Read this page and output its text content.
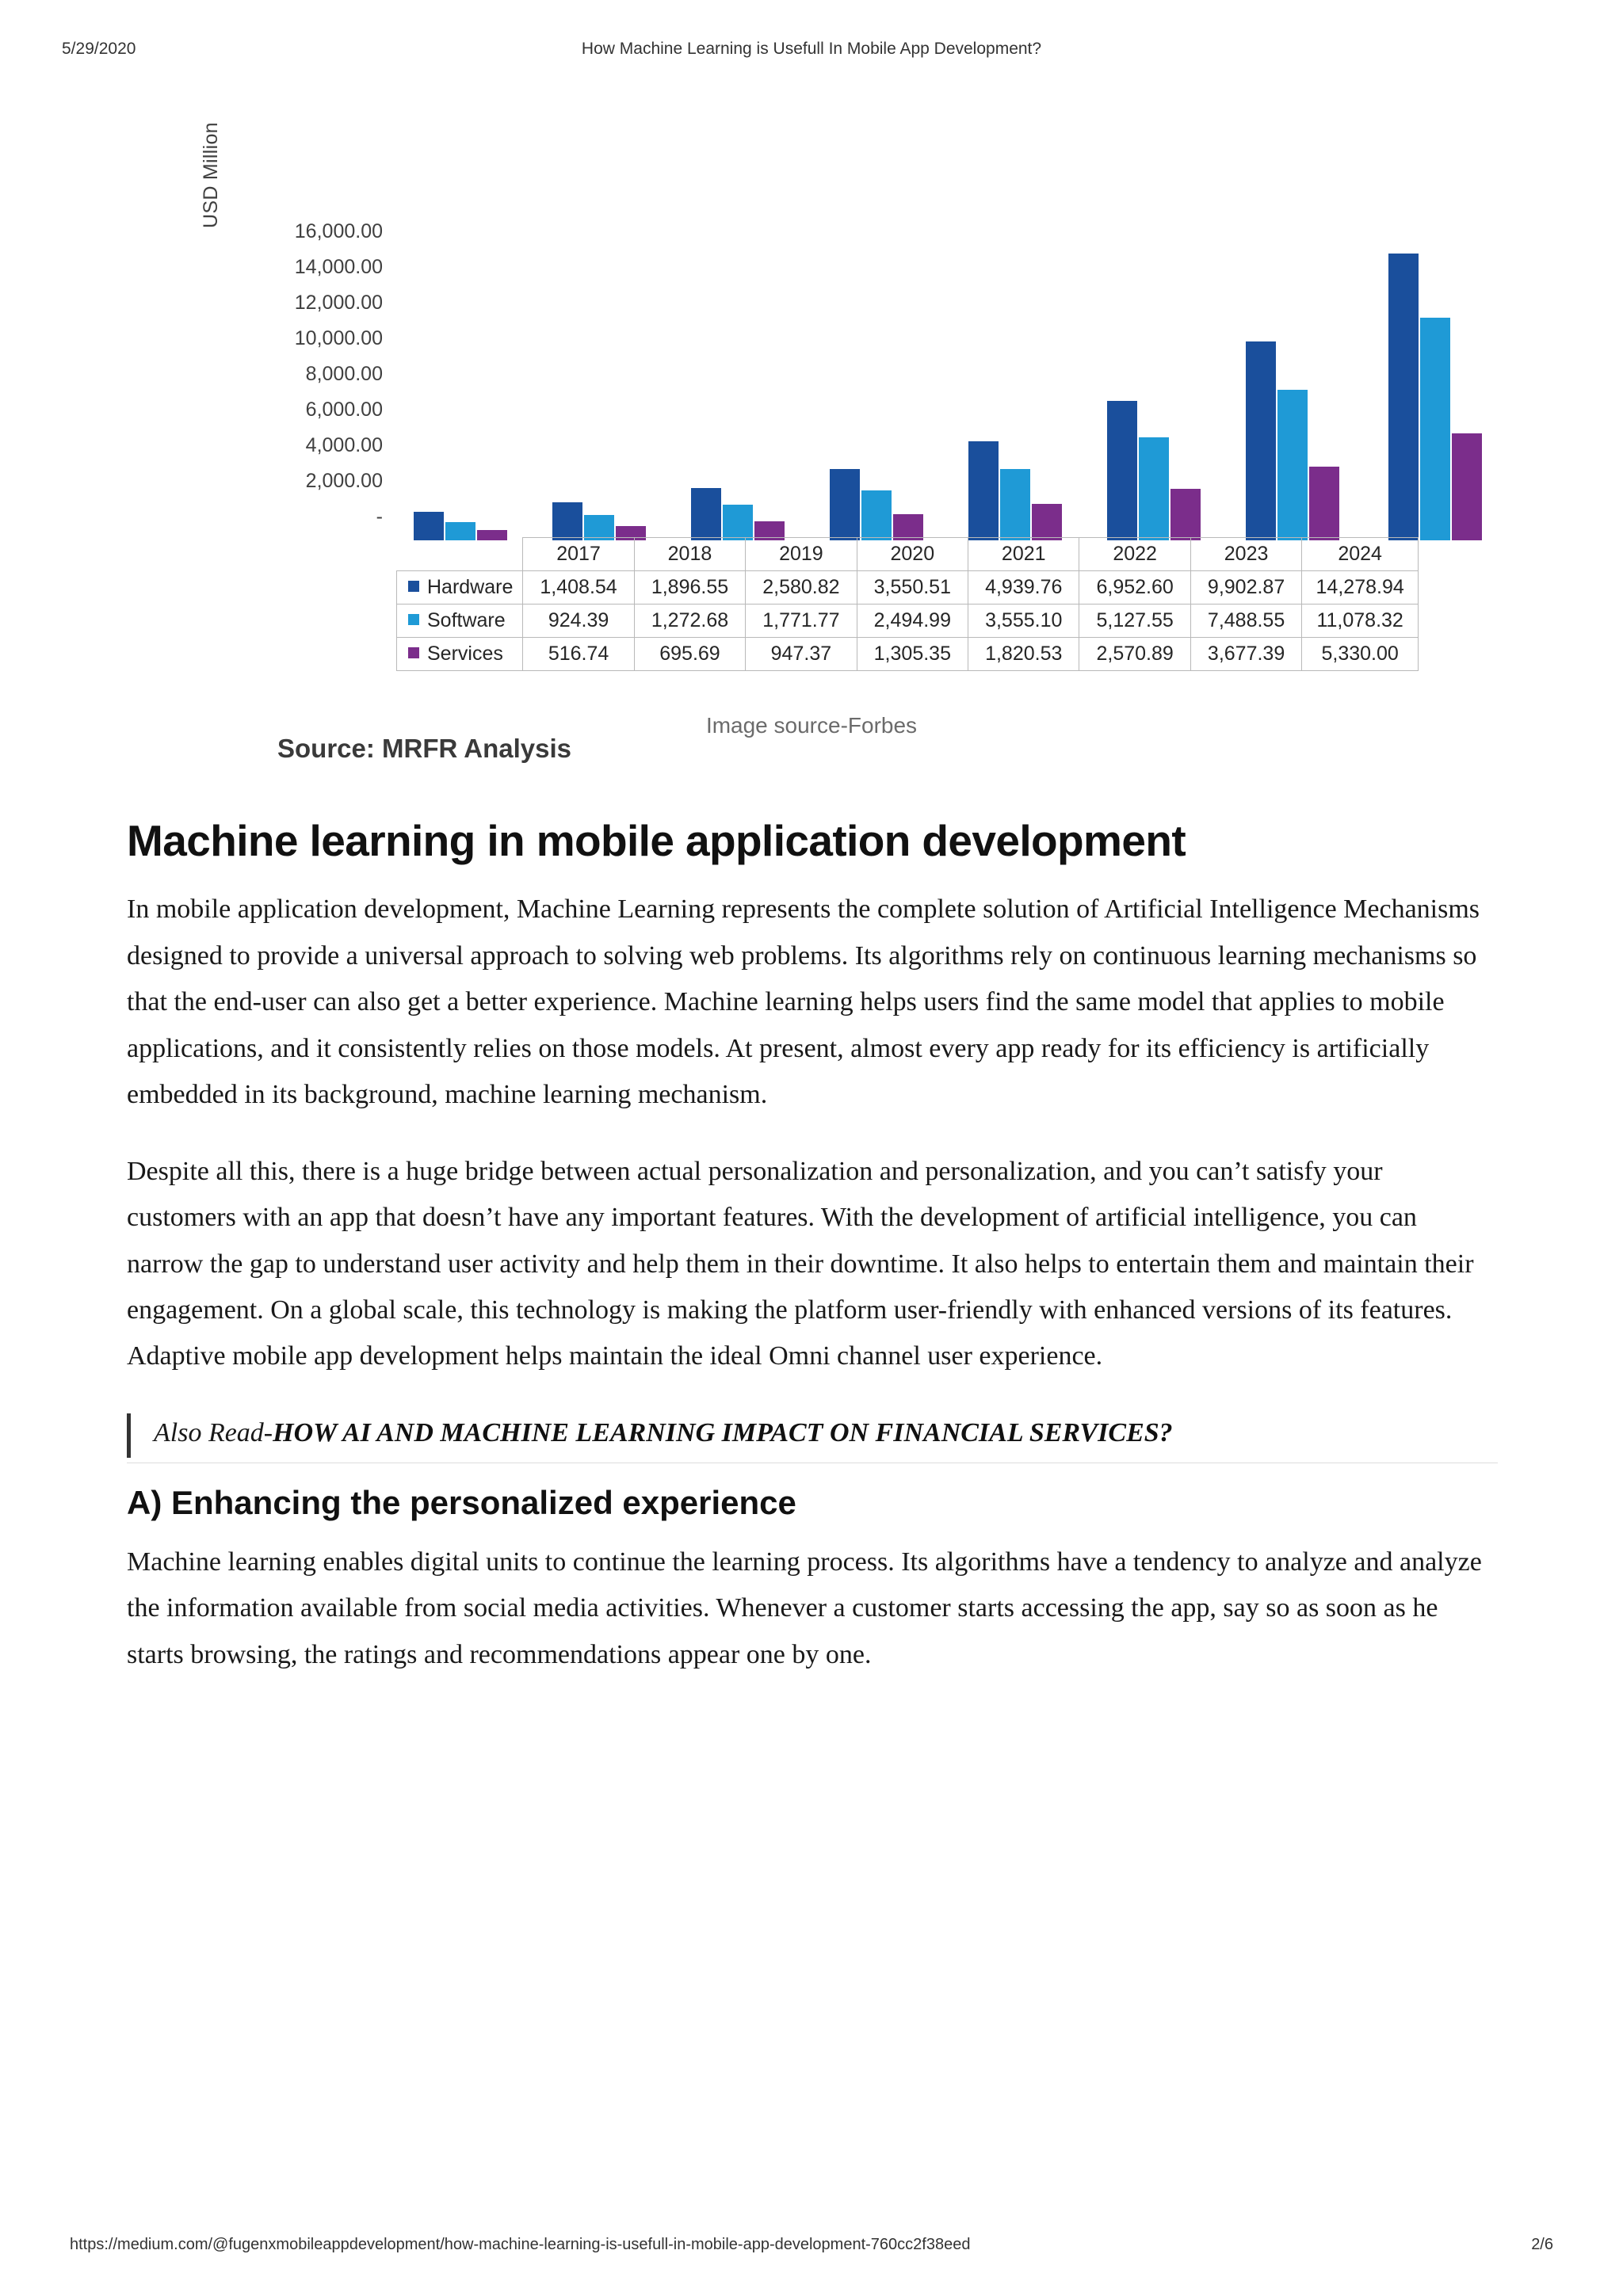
5/29/2020	How Machine Learning is Usefull In Mobile App Development?
USD Million
16,000.00
14,000.00
12,000.00
10,000.00
8,000.00
6,000.00
4,000.00
2,000.00
-
	2017	2018	2019	2020	2021	2022	2023	2024
Hardware	1,408.54	1,896.55	2,580.82	3,550.51	4,939.76	6,952.60	9,902.87	14,278.94
Software	924.39	1,272.68	1,771.77	2,494.99	3,555.10	5,127.55	7,488.55	11,078.32
Services	516.74	695.69	947.37	1,305.35	1,820.53	2,570.89	3,677.39	5,330.00
Source: MRFR Analysis
Image source-Forbes
Machine learning in mobile application development

In mobile application development, Machine Learning represents the complete solution of Artificial Intelligence Mechanisms designed to provide a universal approach to solving web problems. Its algorithms rely on continuous learning mechanisms so that the end-user can also get a better experience. Machine learning helps users find the same model that applies to mobile applications, and it consistently relies on those models. At present, almost every app ready for its efficiency is artificially embedded in its background, machine learning mechanism.

Despite all this, there is a huge bridge between actual personalization and personalization, and you can’t satisfy your customers with an app that doesn’t have any important features. With the development of artificial intelligence, you can narrow the gap to understand user activity and help them in their downtime. It also helps to entertain them and maintain their engagement. On a global scale, this technology is making the platform user-friendly with enhanced versions of its features. Adaptive mobile app development helps maintain the ideal Omni channel user experience.

Also Read-HOW AI AND MACHINE LEARNING IMPACT ON FINANCIAL SERVICES?
A) Enhancing the personalized experience

Machine learning enables digital units to continue the learning process. Its algorithms have a tendency to analyze and analyze the information available from social media activities. Whenever a customer starts accessing the app, say so as soon as he starts browsing, the ratings and recommendations appear one by one.

https://medium.com/@fugenxmobileappdevelopment/how-machine-learning-is-usefull-in-mobile-app-development-760cc2f38eed	2/6
